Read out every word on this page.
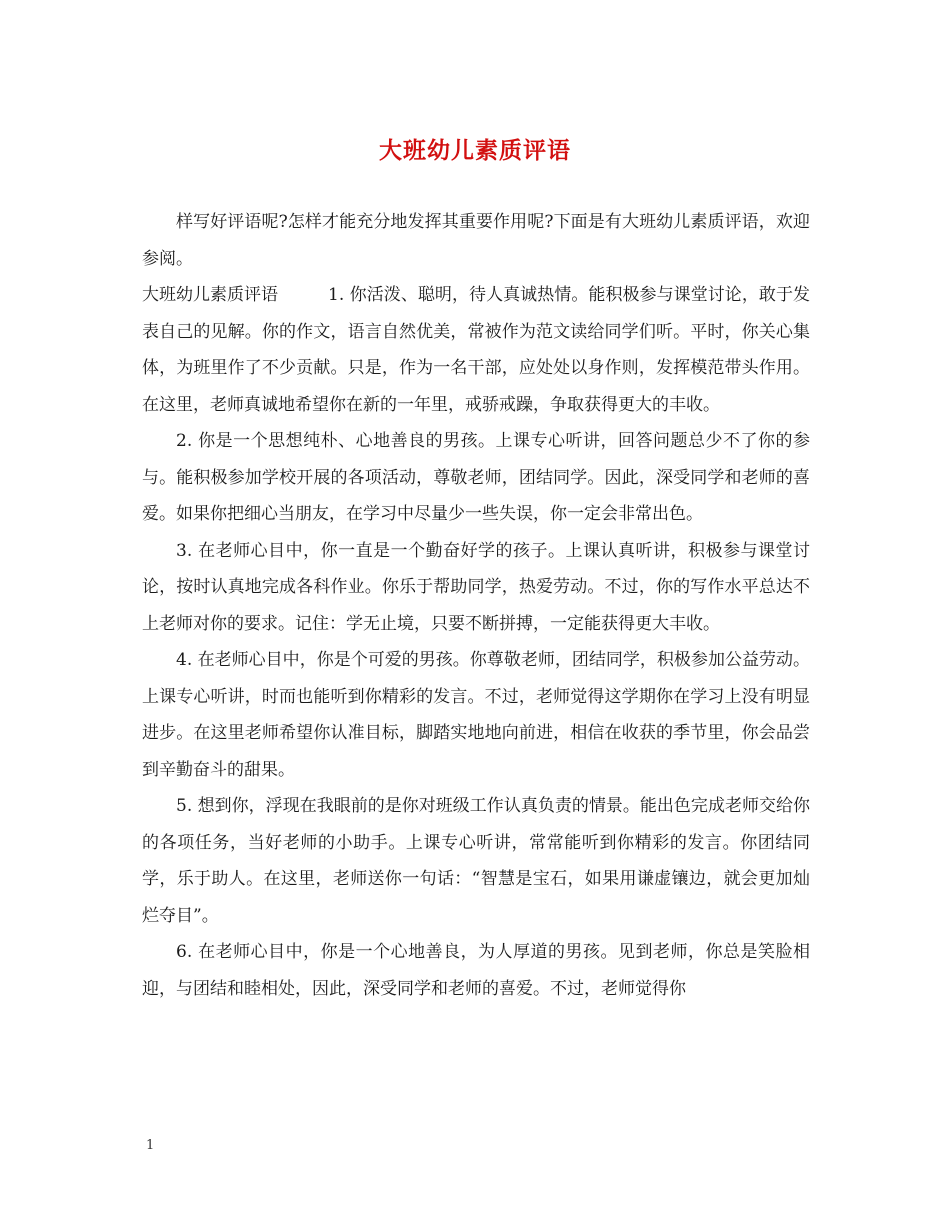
大班幼儿素质评语

样写好评语呢?怎样才能充分地发挥其重要作用呢?下面是有大班幼儿素质评语，欢迎参阅。

大班幼儿素质评语	1. 你活泼、聪明，待人真诚热情。能积极参与课堂讨论，敢于发表自己的见解。你的作文，语言自然优美，常被作为范文读给同学们听。平时，你关心集体，为班里作了不少贡献。只是，作为一名干部，应处处以身作则，发挥模范带头作用。在这里，老师真诚地希望你在新的一年里，戒骄戒躁，争取获得更大的丰收。

2. 你是一个思想纯朴、心地善良的男孩。上课专心听讲，回答问题总少不了你的参与。能积极参加学校开展的各项活动，尊敬老师，团结同学。因此，深受同学和老师的喜爱。如果你把细心当朋友，在学习中尽量少一些失误，你一定会非常出色。

3. 在老师心目中，你一直是一个勤奋好学的孩子。上课认真听讲，积极参与课堂讨论，按时认真地完成各科作业。你乐于帮助同学，热爱劳动。不过，你的写作水平总达不上老师对你的要求。记住：学无止境，只要不断拼搏，一定能获得更大丰收。

4. 在老师心目中，你是个可爱的男孩。你尊敬老师，团结同学，积极参加公益劳动。上课专心听讲，时而也能听到你精彩的发言。不过，老师觉得这学期你在学习上没有明显进步。在这里老师希望你认准目标，脚踏实地地向前进，相信在收获的季节里，你会品尝到辛勤奋斗的甜果。

5. 想到你，浮现在我眼前的是你对班级工作认真负责的情景。能出色完成老师交给你的各项任务，当好老师的小助手。上课专心听讲，常常能听到你精彩的发言。你团结同学，乐于助人。在这里，老师送你一句话：“智慧是宝石，如果用谦虚镶边，就会更加灿烂夺目”。

6. 在老师心目中，你是一个心地善良，为人厚道的男孩。见到老师，你总是笑脸相迎，与团结和睦相处，因此，深受同学和老师的喜爱。不过，老师觉得你

1
